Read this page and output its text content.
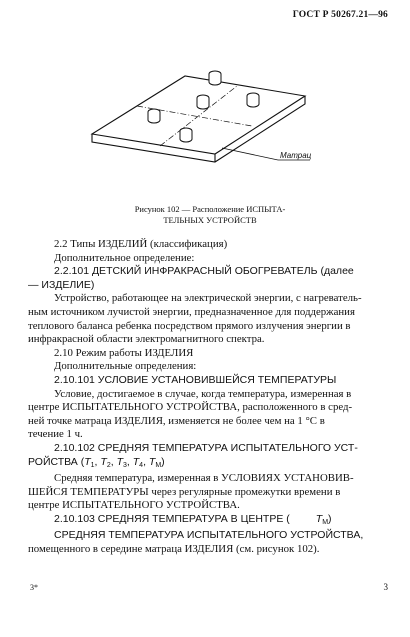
ГОСТ Р 50267.21—96
Матрац
Рисунок 102 — Расположение ИСПЫТА-
ТЕЛЬНЫХ УСТРОЙСТВ

2.2 Типы ИЗДЕЛИЙ (классификация)

Дополнительное определение:

2.2.101 ДЕТСКИЙ ИНФРАКРАСНЫЙ ОБОГРЕВАТЕЛЬ (далее

— ИЗДЕЛИЕ)

Устройство, работающее на электрической энергии, с нагреватель-

ным источником лучистой энергии, предназначенное для поддержания

теплового баланса ребенка посредством прямого излучения энергии в

инфракрасной области электромагнитного спектра.

2.10 Режим работы ИЗДЕЛИЯ

Дополнительные определения:

2.10.101 УСЛОВИЕ УСТАНОВИВШЕЙСЯ ТЕМПЕРАТУРЫ

Условие, достигаемое в случае, когда температура, измеренная в

центре ИСПЫТАТЕЛЬНОГО УСТРОЙСТВА, расположенного в сред-

ней точке матраца ИЗДЕЛИЯ, изменяется не более чем на 1 °С в

течение 1 ч.

2.10.102 СРЕДНЯЯ ТЕМПЕРАТУРА ИСПЫТАТЕЛЬНОГО УСТ-

РОЙСТВА (T1, T2, T3, T4, TM)

Средняя температура, измеренная в УСЛОВИЯХ УСТАНОВИВ-

ШЕЙСЯ ТЕМПЕРАТУРЫ через регулярные промежутки времени в

центре ИСПЫТАТЕЛЬНОГО УСТРОЙСТВА.

2.10.103 СРЕДНЯЯ ТЕМПЕРАТУРА В ЦЕНТРЕ ( TM)

СРЕДНЯЯ ТЕМПЕРАТУРА ИСПЫТАТЕЛЬНОГО УСТРОЙСТВА,

помещенного в середине матраца ИЗДЕЛИЯ (см. рисунок 102).

3*	3
